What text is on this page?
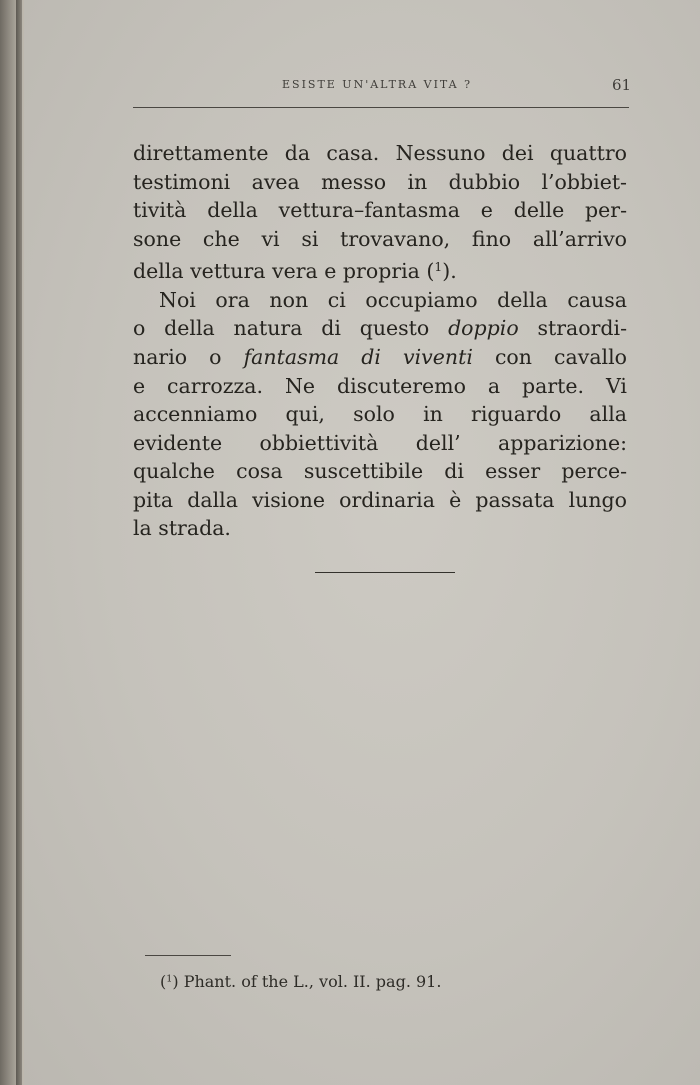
ESISTE UN'ALTRA VITA ?	61
direttamente da casa. Nessuno dei quattro
testimoni avea messo in dubbio l’obbiet-
tività della vettura–fantasma e delle per-
sone che vi si trovavano, fino all’arrivo
della vettura vera e propria ($^1$).
Noi ora non ci occupiamo della causa
o della natura di questo doppio straordi-
nario o fantasma di viventi con cavallo
e carrozza. Ne discuteremo a parte. Vi
accenniamo qui, solo in riguardo alla
evidente obbiettività dell’ apparizione:
qualche cosa suscettibile di esser perce-
pita dalla visione ordinaria è passata lungo
la strada.
($^1$) Phant. of the L., vol. II. pag. 91.
